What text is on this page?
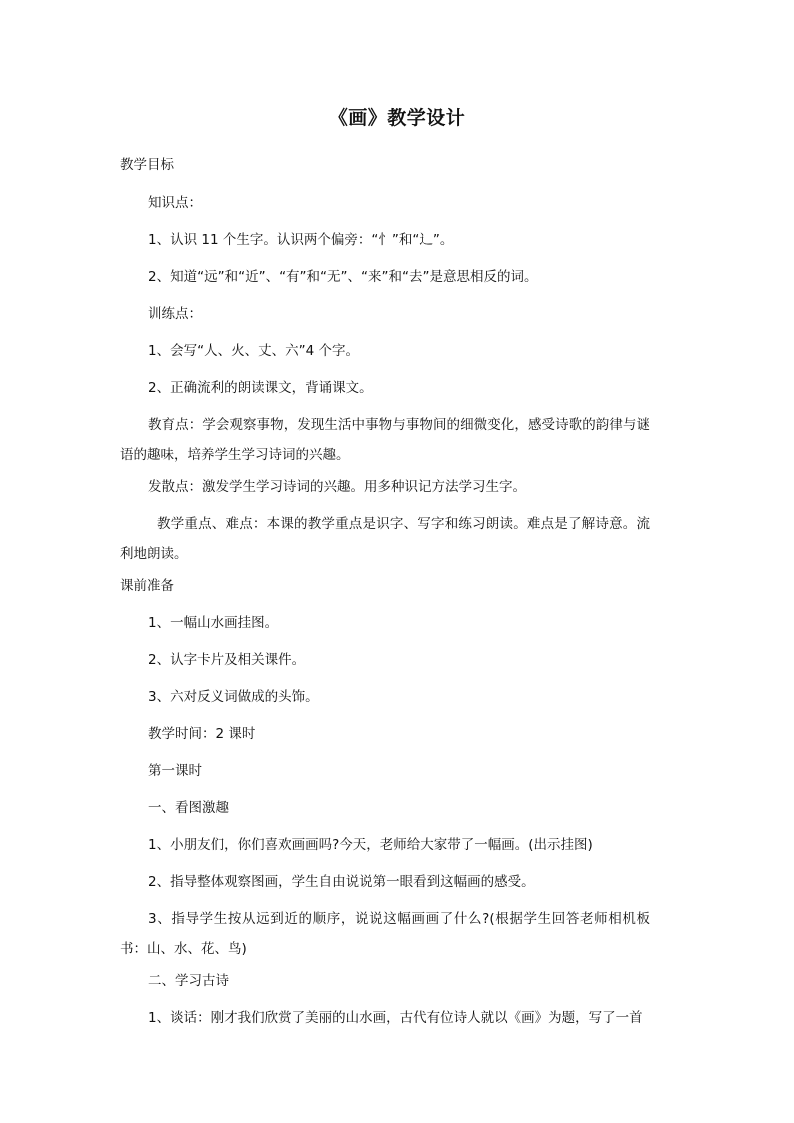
《画》教学设计
教学目标
知识点：
1、认识 11 个生字。认识两个偏旁：“忄”和“辶”。
2、知道“远”和“近”、“有”和“无”、“来”和“去”是意思相反的词。
训练点：
1、会写“人、火、丈、六”4 个字。
2、正确流利的朗读课文，背诵课文。
教育点：学会观察事物，发现生活中事物与事物间的细微变化，感受诗歌的韵律与谜语的趣味，培养学生学习诗词的兴趣。
发散点：激发学生学习诗词的兴趣。用多种识记方法学习生字。
教学重点、难点：本课的教学重点是识字、写字和练习朗读。难点是了解诗意。流利地朗读。
课前准备
1、一幅山水画挂图。
2、认字卡片及相关课件。
3、六对反义词做成的头饰。
教学时间：2 课时
第一课时
一、看图激趣
1、小朋友们，你们喜欢画画吗?今天，老师给大家带了一幅画。(出示挂图)
2、指导整体观察图画，学生自由说说第一眼看到这幅画的感受。
3、指导学生按从远到近的顺序，说说这幅画画了什么?(根据学生回答老师相机板书：山、水、花、鸟)
二、学习古诗
1、谈话：刚才我们欣赏了美丽的山水画，古代有位诗人就以《画》为题，写了一首
